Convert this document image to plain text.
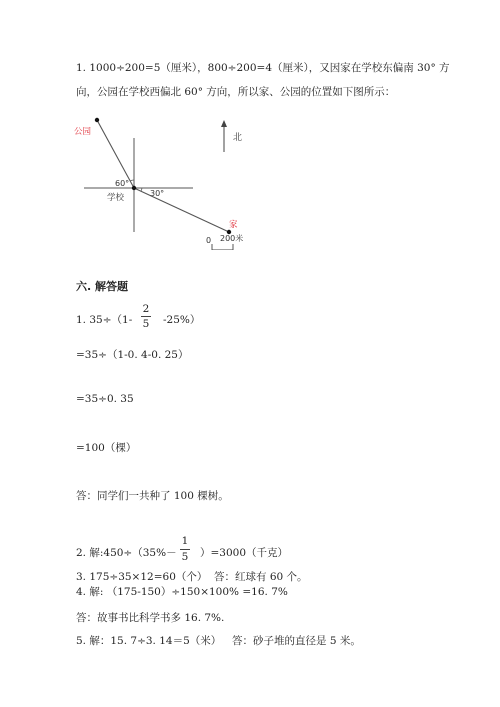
1. 1000÷200=5（厘米），800÷200=4（厘米），又因家在学校东偏南 30° 方
向，公园在学校西偏北 60° 方向，所以家、公园的位置如下图所示：
北
公园
学校
家
60°
30°
0 200米
六. 解答题
1. 35÷（1-
2
5 -25%）
=35÷（1-0. 4-0. 25）
=35÷0. 35
=100（棵）
答：同学们一共种了 100 棵树。
2. 解:450÷（35%－
1
5 ）=3000（千克）
3. 175÷35×12=60（个） 答：红球有 60 个。
4. 解: （175-150）÷150×100% =16. 7%
答：故事书比科学书多 16. 7%.
5. 解：15. 7÷3. 14＝5（米） 答：砂子堆的直径是 5 米。
